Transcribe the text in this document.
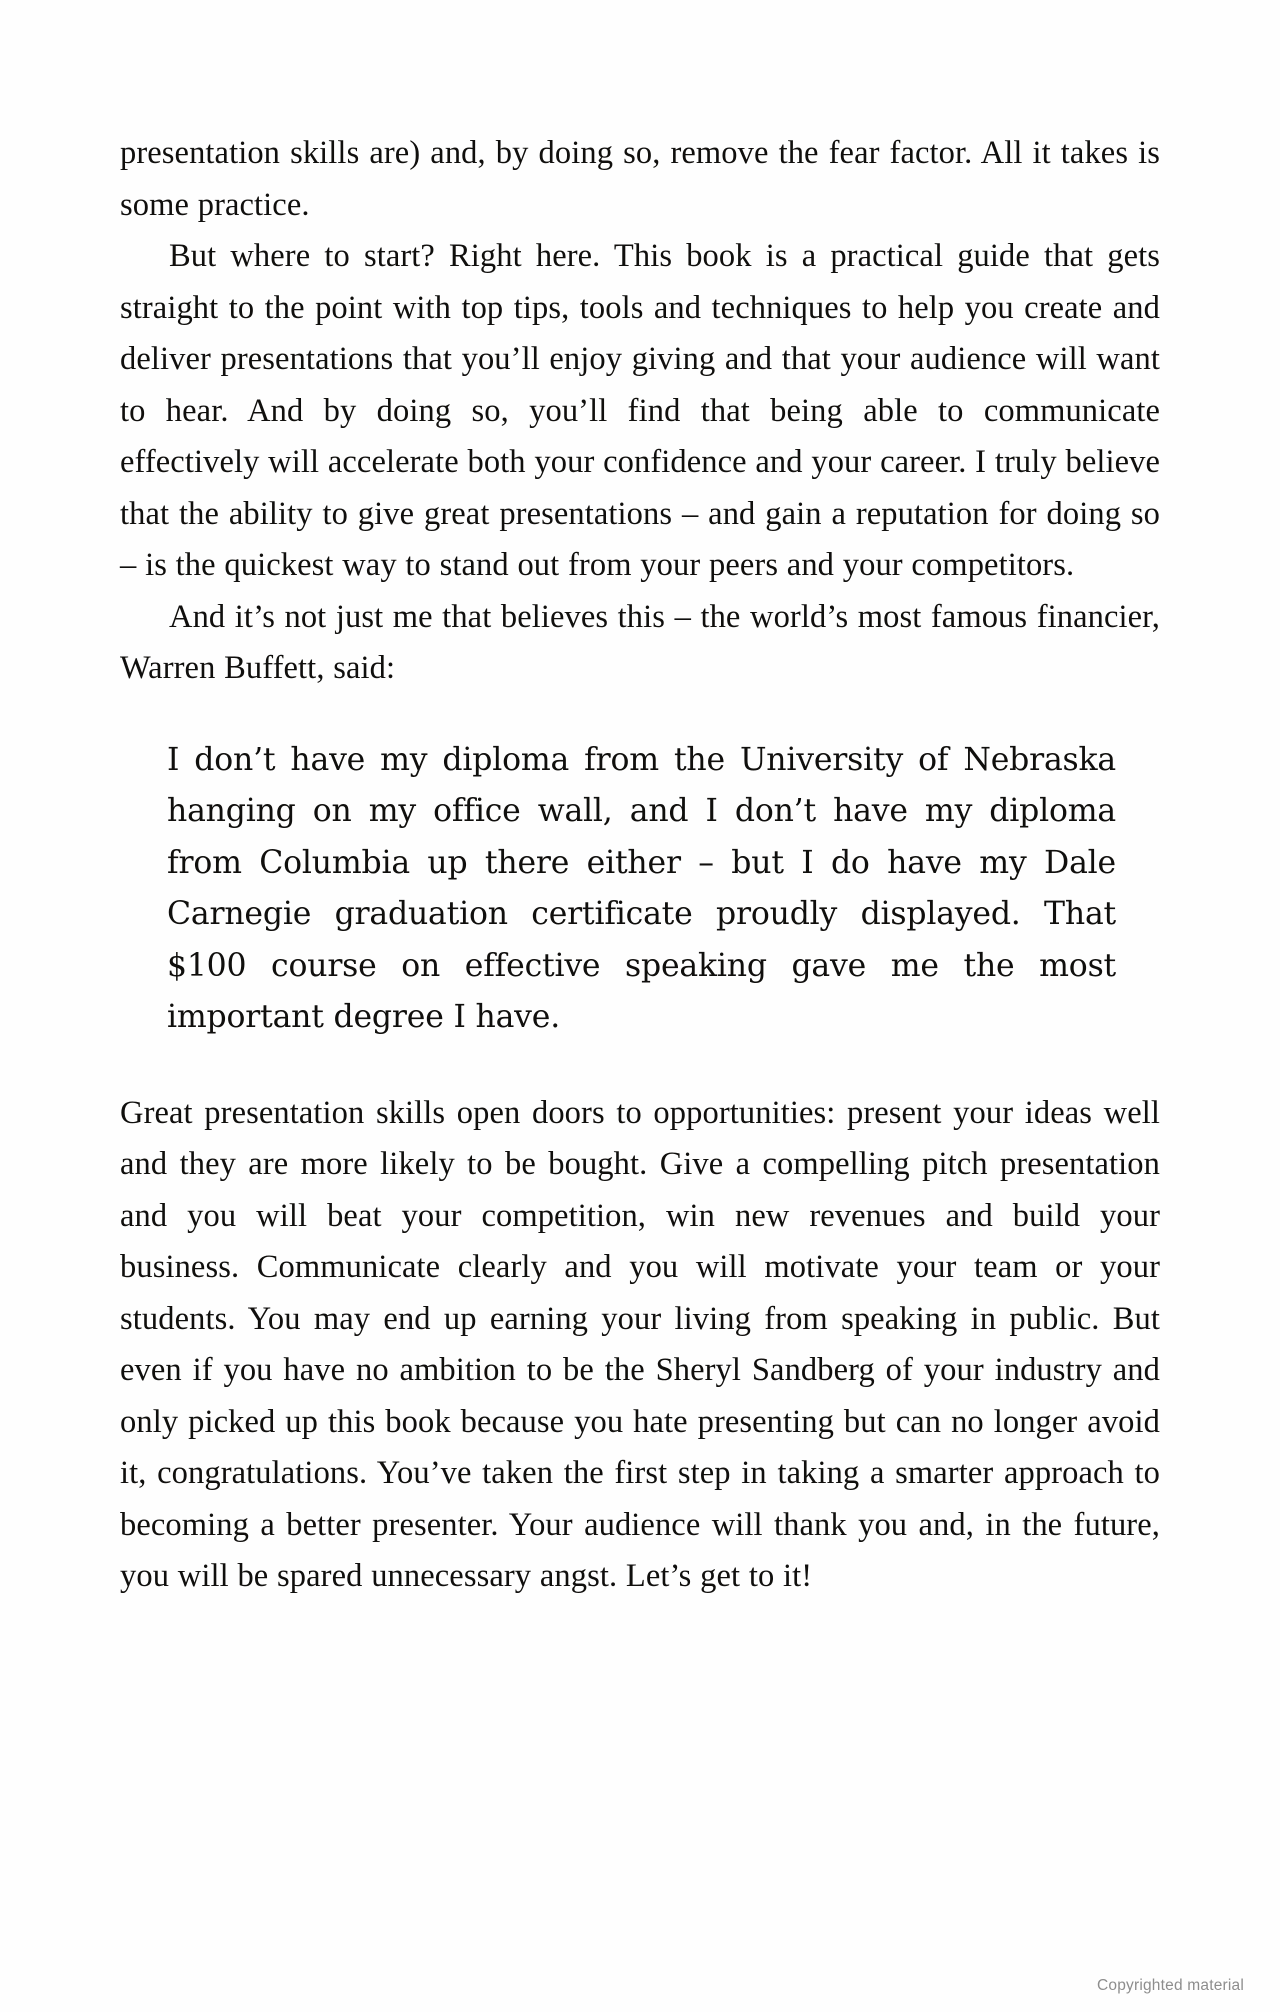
presentation skills are) and, by doing so, remove the fear factor. All it takes is some practice.

But where to start? Right here. This book is a practical guide that gets straight to the point with top tips, tools and techniques to help you create and deliver presentations that you’ll enjoy giving and that your audience will want to hear. And by doing so, you’ll find that being able to communicate effectively will accelerate both your confidence and your career. I truly believe that the ability to give great presentations – and gain a reputation for doing so – is the quickest way to stand out from your peers and your competitors.

And it’s not just me that believes this – the world’s most famous financier, Warren Buffett, said:

I don’t have my diploma from the University of Nebraska hanging on my office wall, and I don’t have my diploma from Columbia up there either – but I do have my Dale Carnegie graduation certificate proudly displayed. That $100 course on effective speaking gave me the most important degree I have.

Great presentation skills open doors to opportunities: present your ideas well and they are more likely to be bought. Give a compelling pitch presentation and you will beat your competition, win new revenues and build your business. Communicate clearly and you will motivate your team or your students. You may end up earning your living from speaking in public. But even if you have no ambition to be the Sheryl Sandberg of your industry and only picked up this book because you hate presenting but can no longer avoid it, congratulations. You’ve taken the first step in taking a smarter approach to becoming a better presenter. Your audience will thank you and, in the future, you will be spared unnecessary angst. Let’s get to it!

Copyrighted material
